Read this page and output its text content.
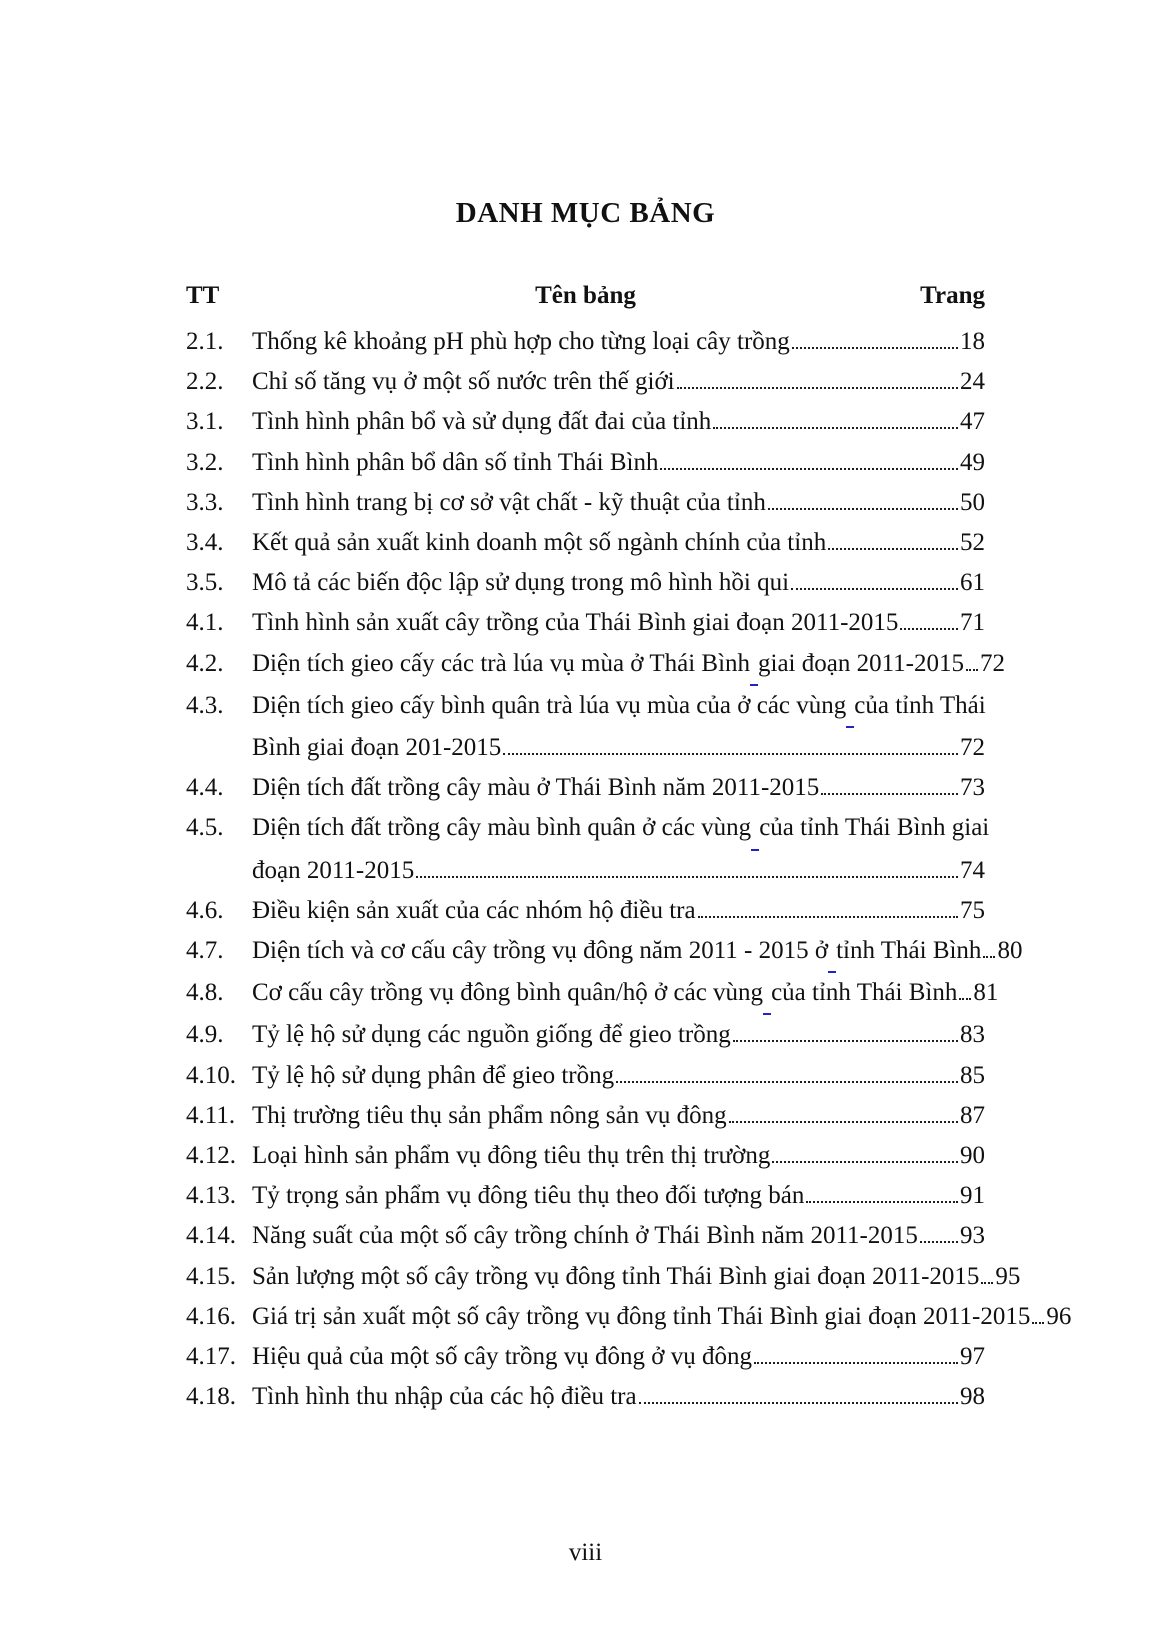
DANH MỤC BẢNG
TT	Tên bảng	Trang
2.1.	Thống kê khoảng pH phù hợp cho từng loại cây trồng	18
2.2.	Chỉ số tăng vụ ở một số nước trên thế giới	24
3.1.	Tình hình phân bổ và sử dụng đất đai của tỉnh	47
3.2.	Tình hình phân bổ dân số tỉnh Thái Bình	49
3.3.	Tình hình trang bị cơ sở vật chất - kỹ thuật của tỉnh	50
3.4.	Kết quả sản xuất kinh doanh một số ngành chính của tỉnh	52
3.5.	Mô tả các biến độc lập sử dụng trong mô hình hồi qui	61
4.1.	Tình hình sản xuất cây trồng của Thái Bình giai đoạn 2011-2015 71
4.2.	Diện tích gieo cấy các trà lúa vụ mùa ở Thái Bình giai đoạn 2011-2015 72
4.3.	Diện tích gieo cấy bình quân trà lúa vụ mùa của ở các vùng của tỉnh Thái
Bình giai đoạn 201-2015	72
4.4.	Diện tích đất trồng cây màu ở Thái Bình năm 2011-2015	73
4.5.	Diện tích đất trồng cây màu bình quân ở các vùng của tỉnh Thái Bình giai
đoạn 2011-2015	74
4.6.	Điều kiện sản xuất của các nhóm hộ điều tra	75
4.7.	Diện tích và cơ cấu cây trồng vụ đông năm 2011 - 2015 ở tỉnh Thái Bình 80
4.8.	Cơ cấu cây trồng vụ đông bình quân/hộ ở các vùng của tỉnh Thái Bình 81
4.9.	Tỷ lệ hộ sử dụng các nguồn giống để gieo trồng	83
4.10. Tỷ lệ hộ sử dụng phân để gieo trồng	85
4.11. Thị trường tiêu thụ sản phẩm nông sản vụ đông	87
4.12. Loại hình sản phẩm vụ đông tiêu thụ trên thị trường	90
4.13. Tỷ trọng sản phẩm vụ đông tiêu thụ theo đối tượng bán	91
4.14. Năng suất của một số cây trồng chính ở Thái Bình năm 2011-2015 93
4.15. Sản lượng một số cây trồng vụ đông tỉnh Thái Bình giai đoạn 2011-2015 95
4.16. Giá trị sản xuất một số cây trồng vụ đông tỉnh Thái Bình giai đoạn 2011-2015 96
4.17. Hiệu quả của một số cây trồng vụ đông ở vụ đông	97
4.18. Tình hình thu nhập của các hộ điều tra	98
viii
